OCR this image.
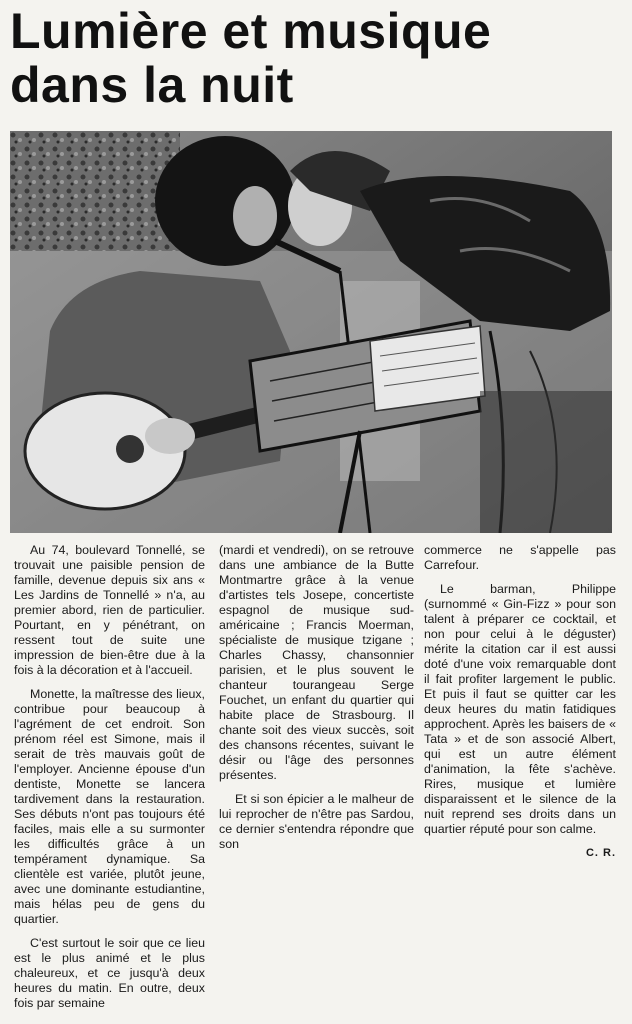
Lumière et musique
dans la nuit

Au 74, boulevard Tonnellé, se trouvait une paisible pension de famille, devenue depuis six ans « Les Jardins de Tonnellé » n'a, au premier abord, rien de particulier. Pourtant, en y pénétrant, on ressent tout de suite une impression de bien-être due à la fois à la décoration et à l'accueil.

Monette, la maîtresse des lieux, contribue pour beaucoup à l'agrément de cet endroit. Son prénom réel est Simone, mais il serait de très mauvais goût de l'employer. Ancienne épouse d'un dentiste, Monette se lancera tardivement dans la restauration. Ses débuts n'ont pas toujours été faciles, mais elle a su surmonter les difficultés grâce à un tempérament dynamique. Sa clientèle est variée, plutôt jeune, avec une dominante estudiantine, mais hélas peu de gens du quartier.

C'est surtout le soir que ce lieu est le plus animé et le plus chaleureux, et ce jusqu'à deux heures du matin. En outre, deux fois par semaine

(mardi et vendredi), on se retrouve dans une ambiance de la Butte Montmartre grâce à la venue d'artistes tels Josepe, concertiste espagnol de musique sud-américaine ; Francis Moerman, spécialiste de musique tzigane ; Charles Chassy, chansonnier parisien, et le plus souvent le chanteur tourangeau Serge Fouchet, un enfant du quartier qui habite place de Strasbourg. Il chante soit des vieux succès, soit des chansons récentes, suivant le désir ou l'âge des personnes présentes.

Et si son épicier a le malheur de lui reprocher de n'être pas Sardou, ce dernier s'entendra répondre que son

commerce ne s'appelle pas Carrefour.

Le barman, Philippe (surnommé « Gin-Fizz » pour son talent à préparer ce cocktail, et non pour celui à le déguster) mérite la citation car il est aussi doté d'une voix remarquable dont il fait profiter largement le public. Et puis il faut se quitter car les deux heures du matin fatidiques approchent. Après les baisers de « Tata » et de son associé Albert, qui est un autre élément d'animation, la fête s'achève. Rires, musique et lumière disparaissent et le silence de la nuit reprend ses droits dans un quartier réputé pour son calme.

C. R.
